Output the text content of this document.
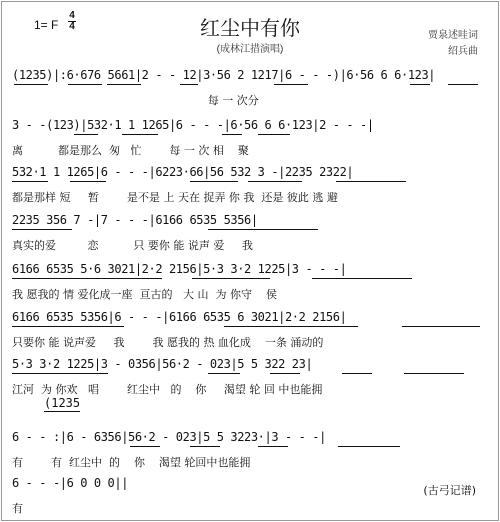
1= F
4
4	红尘中有你
(成林江措演唱)
贾泉述哇词
绍兵曲
(1235)|:6·676 5661|2 - - 12|3·56 2 1217|6 - - -)|6·56 6 6·123|
每 一 次分
3 - -(123)|532·1 1 1265|6 - - -|6·56 6 6·123|2 - - -|
离          都是那么  匆   忙        每 一 次 相    聚
532·1 1 1265|6 - - -|6223·66|56 532 3 -|2235 2322|
都是那样 短     暂        是不是 上 天在 捉弄 你 我  还是 彼此 逃 避
2235 356 7 -|7 - - -|6166 6535 5356|
真实的爱         恋          只 要你 能 说声 爱     我
6166 6535 5·6 3021|2·2 2156|5·3 3·2 1225|3 - - -|
我 愿我的 情 爱化成一座  亘古的   大 山  为 你守    侯
6166 6535 5356|6 - - -|6166 6535 6 3021|2·2 2156|
只要你 能 说声爱     我        我 愿我的 热 血化成    一条 涌动的
5·3 3·2 1225|3 - 0356|56·2 - 023|5 5 322 23|
江河  为 你欢   唱        红尘中   的    你     渴望 轮 回 中也能拥
(1235
6 - - :|6 - 6356|56·2 - 023|5 5 3223·|3 - - -|
有        有  红尘中  的    你    渴望 轮回中也能拥
6 - - -|6 0 0 0||
有
(古弓记谱)
